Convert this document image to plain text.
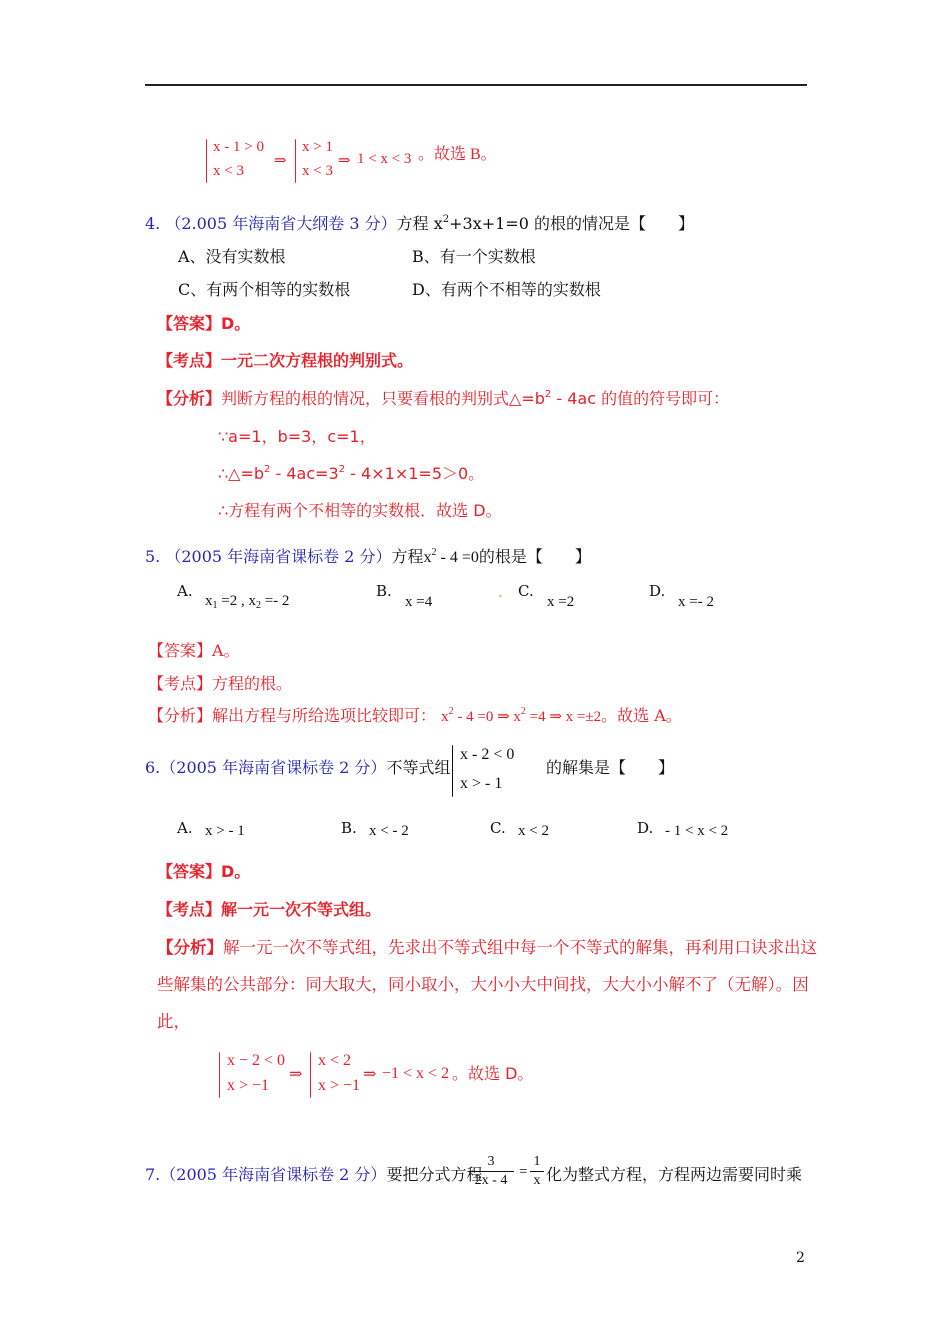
x - 1 > 0
x < 3
⇒
x > 1
x < 3
⇒ 1 < x < 3 。故选 B。
4. （2.005 年海南省大纲卷 3 分）方程 $x^2+3x+1=0$ 的根的情况是【　　】
A、没有实数根	B、有一个实数根
C、有两个相等的实数根	D、有两个不相等的实数根
【答案】D。
【考点】一元二次方程根的判别式。
【分析】判断方程的根的情况，只要看根的判别式$\triangle=b^2 - 4ac$ 的值的符号即可：
∵a=1，b=3，c=1，
$\therefore\triangle=b^2 - 4ac=3^2 - 4\times 1\times 1=5>0$。
∴方程有两个不相等的实数根．故选 D。
5. （2005 年海南省课标卷 2 分）方程$x^2 - 4 =0$的根是【　　】
A.
$x_1 =2$ , $x_2 =- 2$
B.
x =4
. C.
x =2
D.
x =- 2
【答案】A。
【考点】方程的根。
【分析】解出方程与所给选项比较即可： $x^2 - 4 =0$ ⇒ $x^2 =4$ ⇒ x =±2。故选 A。
6.（2005 年海南省课标卷 2 分）不等式组
x - 2 < 0
x > - 1
的解集是【　　】
A. x > - 1	B. x < - 2	C. x < 2	D. - 1 < x < 2
【答案】D。
【考点】解一元一次不等式组。
【分析】解一元一次不等式组，先求出不等式组中每一个不等式的解集，再利用口诀求出这
些解集的公共部分：同大取大，同小取小，大小小大中间找，大大小小解不了（无解）。因
此，
x − 2 < 0
x > −1
⇒
x < 2
x > −1
⇒ −1 < x < 2 。故选 D。
7.（2005 年海南省课标卷 2 分）要把分式方程
3
2x - 4
=
1
x 化为整式方程，方程两边需要同时乘
2
